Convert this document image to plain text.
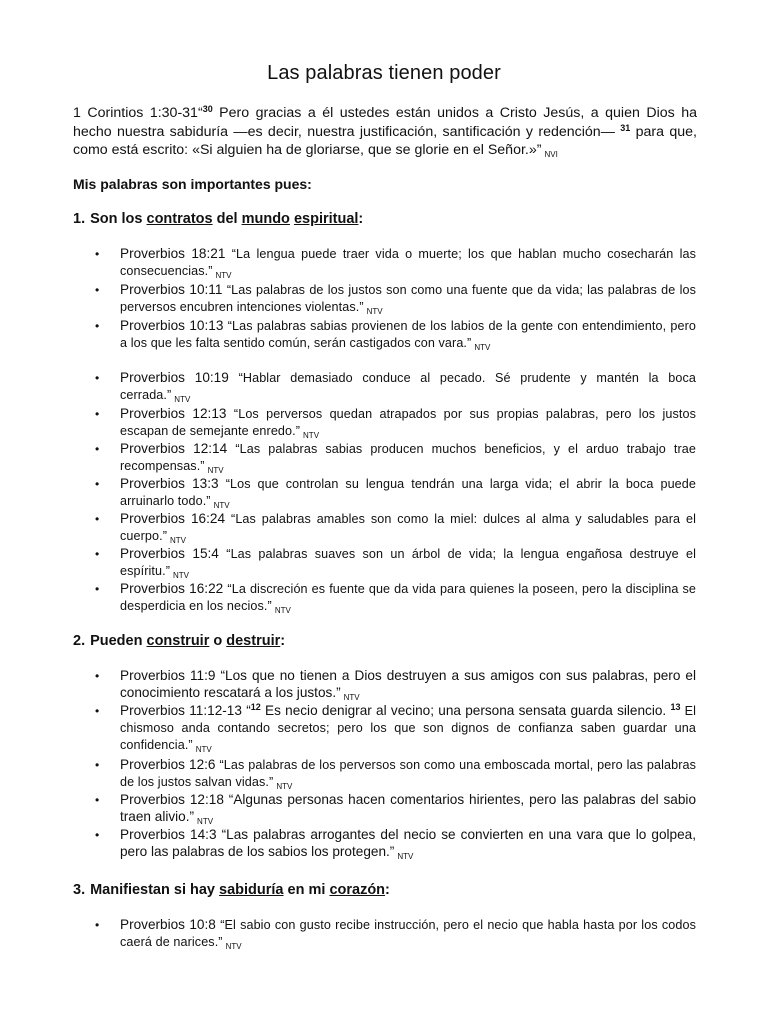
Las palabras tienen poder

1 Corintios 1:30-31“$^{30}$ Pero gracias a él ustedes están unidos a Cristo Jesús, a quien Dios ha hecho nuestra sabiduría —es decir, nuestra justificación, santificación y redención— $^{31}$ para que, como está escrito: «Si alguien ha de gloriarse, que se glorie en el Señor.»” $_{NVI}$

Mis palabras son importantes pues:

1. Son los contratos del mundo espiritual:

• Proverbios 18:21 “La lengua puede traer vida o muerte; los que hablan mucho cosecharán las consecuencias.” $_{NTV}$
• Proverbios 10:11 “Las palabras de los justos son como una fuente que da vida; las palabras de los perversos encubren intenciones violentas.” $_{NTV}$
• Proverbios 10:13 “Las palabras sabias provienen de los labios de la gente con entendimiento, pero a los que les falta sentido común, serán castigados con vara.” $_{NTV}$
• Proverbios 10:19 “Hablar demasiado conduce al pecado. Sé prudente y mantén la boca cerrada.” $_{NTV}$
• Proverbios 12:13 “Los perversos quedan atrapados por sus propias palabras, pero los justos escapan de semejante enredo.” $_{NTV}$
• Proverbios 12:14 “Las palabras sabias producen muchos beneficios, y el arduo trabajo trae recompensas.” $_{NTV}$
• Proverbios 13:3 “Los que controlan su lengua tendrán una larga vida; el abrir la boca puede arruinarlo todo.” $_{NTV}$
• Proverbios 16:24 “Las palabras amables son como la miel: dulces al alma y saludables para el cuerpo.” $_{NTV}$
• Proverbios 15:4 “Las palabras suaves son un árbol de vida; la lengua engañosa destruye el espíritu.” $_{NTV}$
• Proverbios 16:22 “La discreción es fuente que da vida para quienes la poseen, pero la disciplina se desperdicia en los necios.” $_{NTV}$

2. Pueden construir o destruir:

• Proverbios 11:9 “Los que no tienen a Dios destruyen a sus amigos con sus palabras, pero el conocimiento rescatará a los justos.” $_{NTV}$
• Proverbios 11:12-13 “$^{12}$ Es necio denigrar al vecino; una persona sensata guarda silencio. $^{13}$ El chismoso anda contando secretos; pero los que son dignos de confianza saben guardar una confidencia.” $_{NTV}$
• Proverbios 12:6 “Las palabras de los perversos son como una emboscada mortal, pero las palabras de los justos salvan vidas.” $_{NTV}$
• Proverbios 12:18 “Algunas personas hacen comentarios hirientes, pero las palabras del sabio traen alivio.” $_{NTV}$
• Proverbios 14:3 “Las palabras arrogantes del necio se convierten en una vara que lo golpea, pero las palabras de los sabios los protegen.” $_{NTV}$

3. Manifiestan si hay sabiduría en mi corazón:

• Proverbios 10:8 “El sabio con gusto recibe instrucción, pero el necio que habla hasta por los codos caerá de narices.” $_{NTV}$
